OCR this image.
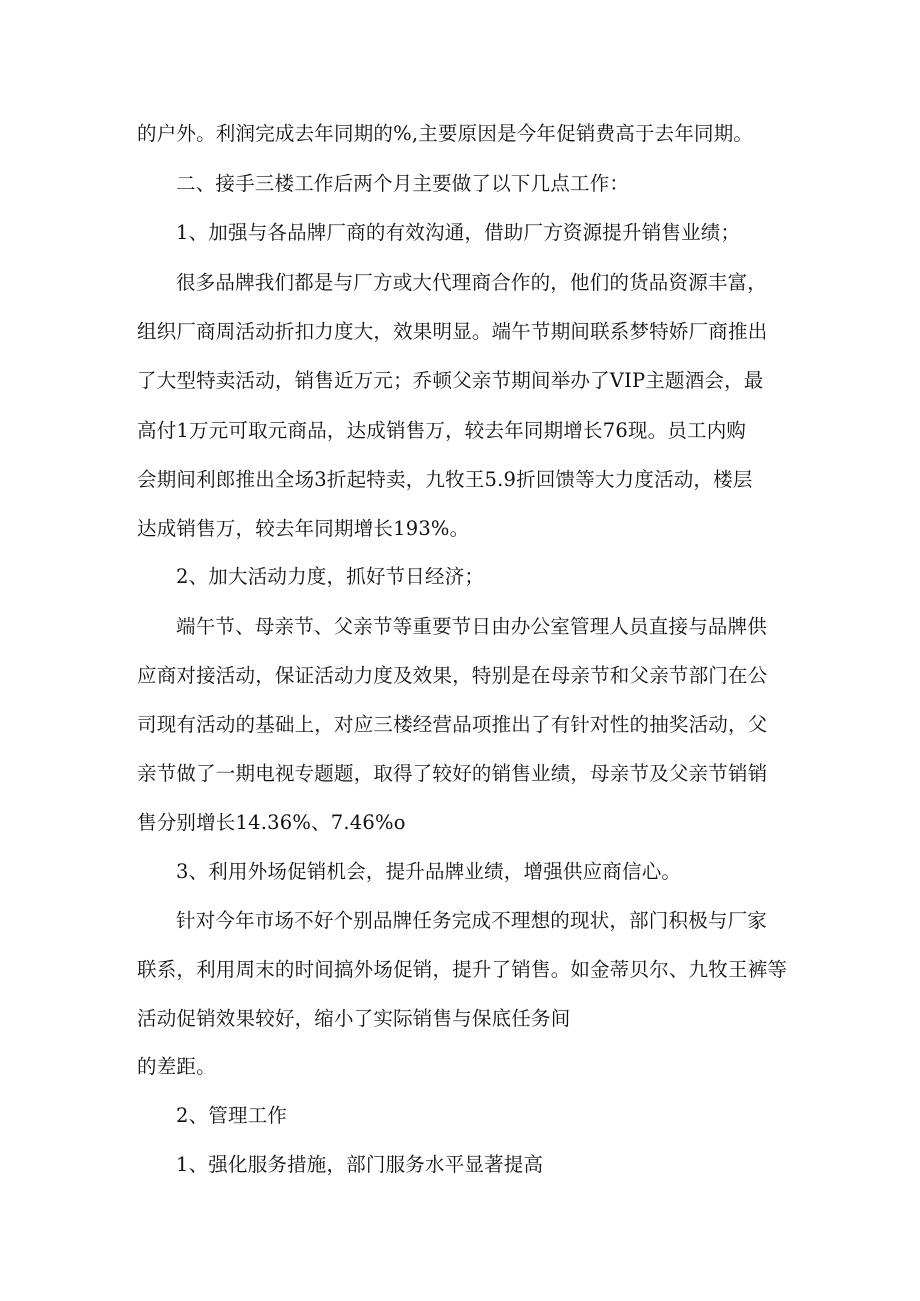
的户外。利润完成去年同期的%,主要原因是今年促销费高于去年同期。
二、接手三楼工作后两个月主要做了以下几点工作：
1、加强与各品牌厂商的有效沟通，借助厂方资源提升销售业绩；
很多品牌我们都是与厂方或大代理商合作的，他们的货品资源丰富，
组织厂商周活动折扣力度大，效果明显。端午节期间联系梦特娇厂商推出
了大型特卖活动，销售近万元；乔顿父亲节期间举办了VIP主题酒会，最
高付1万元可取元商品，达成销售万，较去年同期增长76现。员工内购
会期间利郎推出全场3折起特卖，九牧王5.9折回馈等大力度活动，楼层
达成销售万，较去年同期增长193%。
2、加大活动力度，抓好节日经济；
端午节、母亲节、父亲节等重要节日由办公室管理人员直接与品牌供
应商对接活动，保证活动力度及效果，特别是在母亲节和父亲节部门在公
司现有活动的基础上，对应三楼经营品项推出了有针对性的抽奖活动，父
亲节做了一期电视专题题，取得了较好的销售业绩，母亲节及父亲节销销
售分别增长14.36%、7.46%o
3、利用外场促销机会，提升品牌业绩，增强供应商信心。
针对今年市场不好个别品牌任务完成不理想的现状，部门积极与厂家
联系，利用周末的时间搞外场促销，提升了销售。如金蒂贝尔、九牧王裤等
活动促销效果较好，缩小了实际销售与保底任务间
的差距。
2、管理工作
1、强化服务措施，部门服务水平显著提高
